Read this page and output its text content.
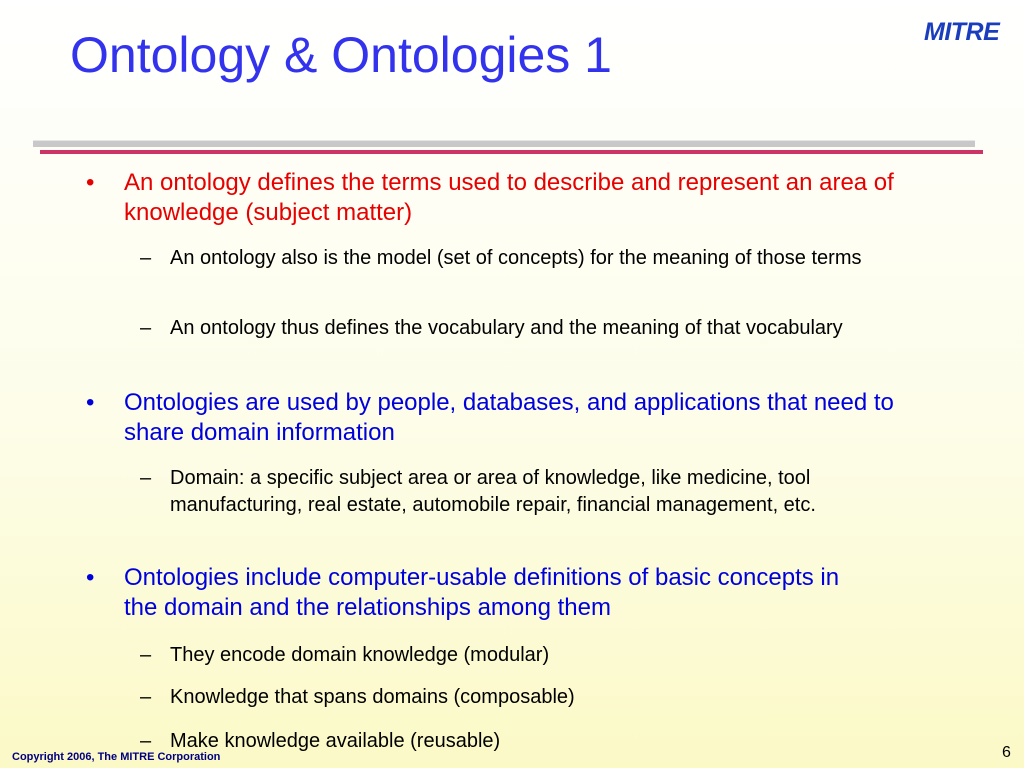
Ontology & Ontologies 1	MITRE
• An ontology defines the terms used to describe and represent an area of knowledge (subject matter)
– An ontology also is the model (set of concepts) for the meaning of those terms
– An ontology thus defines the vocabulary and the meaning of that vocabulary
• Ontologies are used by people, databases, and applications that need to share domain information
– Domain: a specific subject area or area of knowledge, like medicine, tool manufacturing, real estate, automobile repair, financial management, etc.
• Ontologies include computer-usable definitions of basic concepts in the domain and the relationships among them
– They encode domain knowledge (modular)
– Knowledge that spans domains (composable)
– Make knowledge available (reusable)
Copyright 2006, The MITRE Corporation	6
